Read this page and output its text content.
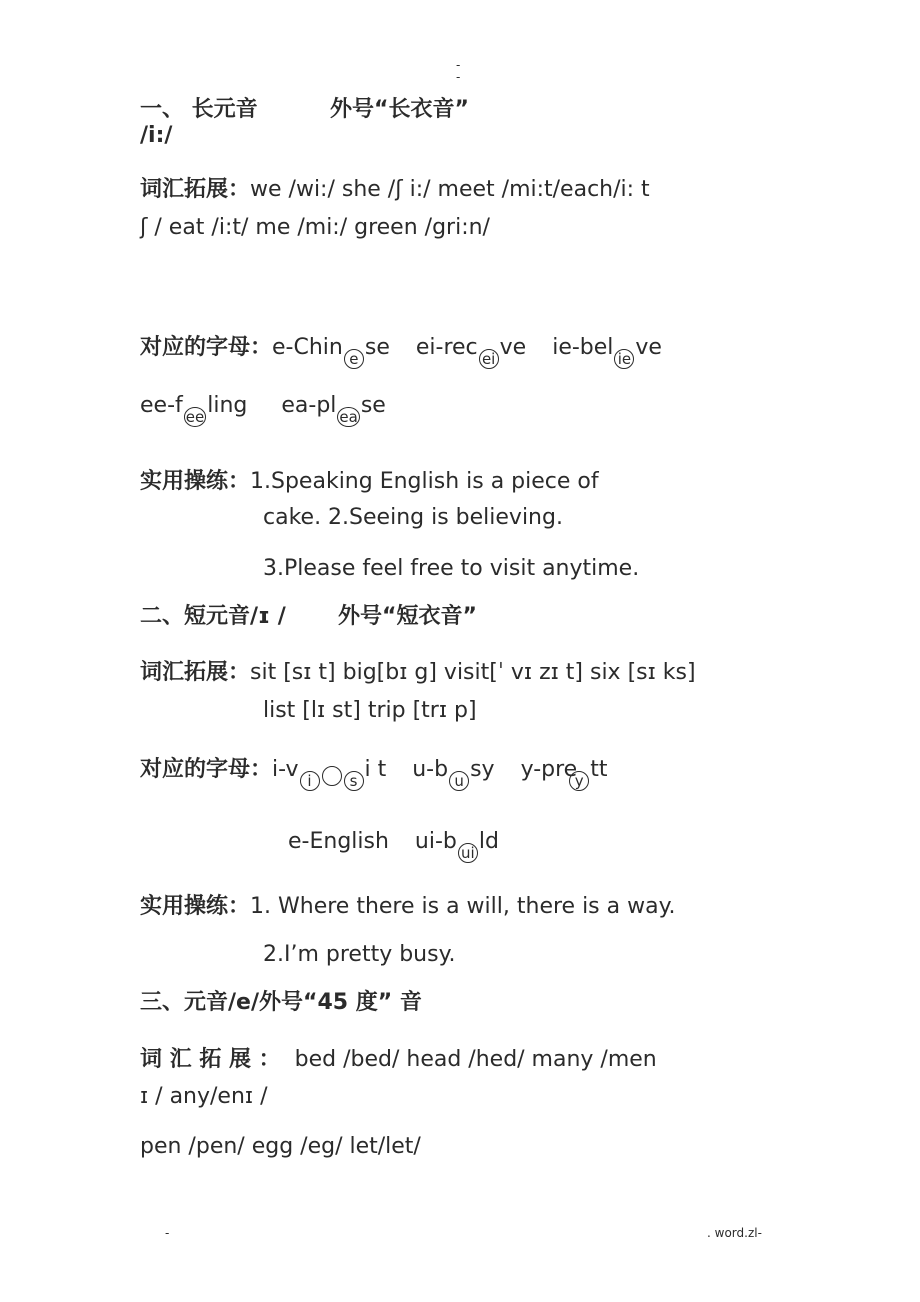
-
-
一、 长元音	外号“长衣音”
/i:/
词汇拓展：we /wi:/ she /ʃ i:/ meet /mi:t/each/i: t
ʃ / eat /i:t/ me /mi:/ green /gri:n/
对应的字母：e-Chin e se ei-rec ei ve ie-bel ie ve
ee-f ee ling ea-pl ea se
实用操练：1.Speaking English is a piece of
cake. 2.Seeing is believing.
3.Please feel free to visit anytime.
二、短元音/ɪ / 外号“短衣音”
词汇拓展：sit [sɪ t] big[bɪ g] visit[ˈ vɪ zɪ t] six [sɪ ks]
list [lɪ st] trip [trɪ p]
对应的字母：i-v i	s i t u-b u sy y-prey tt
e-English ui-b ui ld
实用操练：1. Where there is a will, there is a way.
2.I’m pretty busy.
三、元音/e/外号“45 度” 音
词 汇 拓 展 ： bed /bed/ head /hed/ many /men
ɪ / any/enɪ /
pen /pen/ egg /eg/ let/let/
-	. word.zl-
